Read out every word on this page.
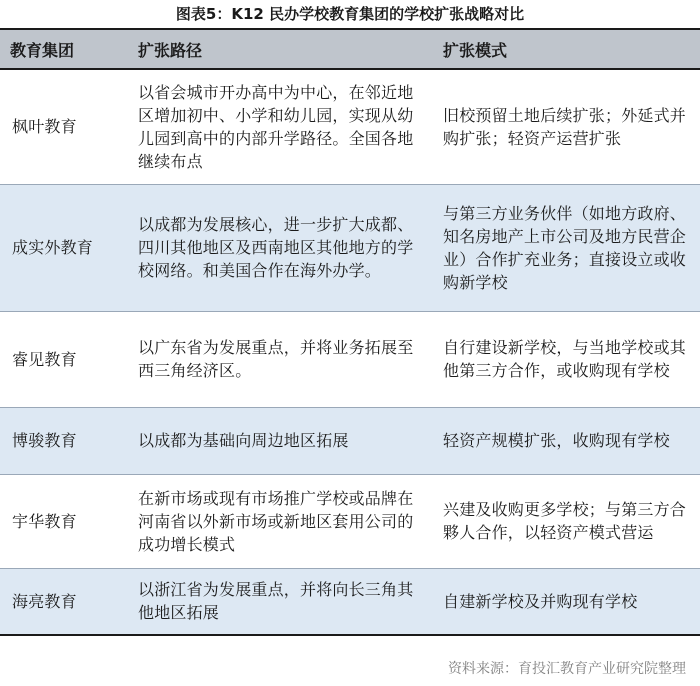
图表5：K12 民办学校教育集团的学校扩张战略对比
教育集团	扩张路径	扩张模式
枫叶教育	以省会城市开办高中为中心，在邻近地区增加初中、小学和幼儿园，实现从幼儿园到高中的内部升学路径。全国各地继续布点	旧校预留土地后续扩张；外延式并购扩张；轻资产运营扩张
成实外教育	以成都为发展核心，进一步扩大成都、四川其他地区及西南地区其他地方的学校网络。和美国合作在海外办学。	与第三方业务伙伴（如地方政府、知名房地产上市公司及地方民营企业）合作扩充业务；直接设立或收购新学校
睿见教育	以广东省为发展重点，并将业务拓展至西三角经济区。	自行建设新学校，与当地学校或其他第三方合作，或收购现有学校
博骏教育	以成都为基础向周边地区拓展	轻资产规模扩张，收购现有学校
宇华教育	在新市场或现有市场推广学校或品牌在河南省以外新市场或新地区套用公司的成功增长模式	兴建及收购更多学校；与第三方合夥人合作，以轻资产模式营运
海亮教育	以浙江省为发展重点，并将向长三角其他地区拓展	自建新学校及并购现有学校
资料来源：育投汇教育产业研究院整理
